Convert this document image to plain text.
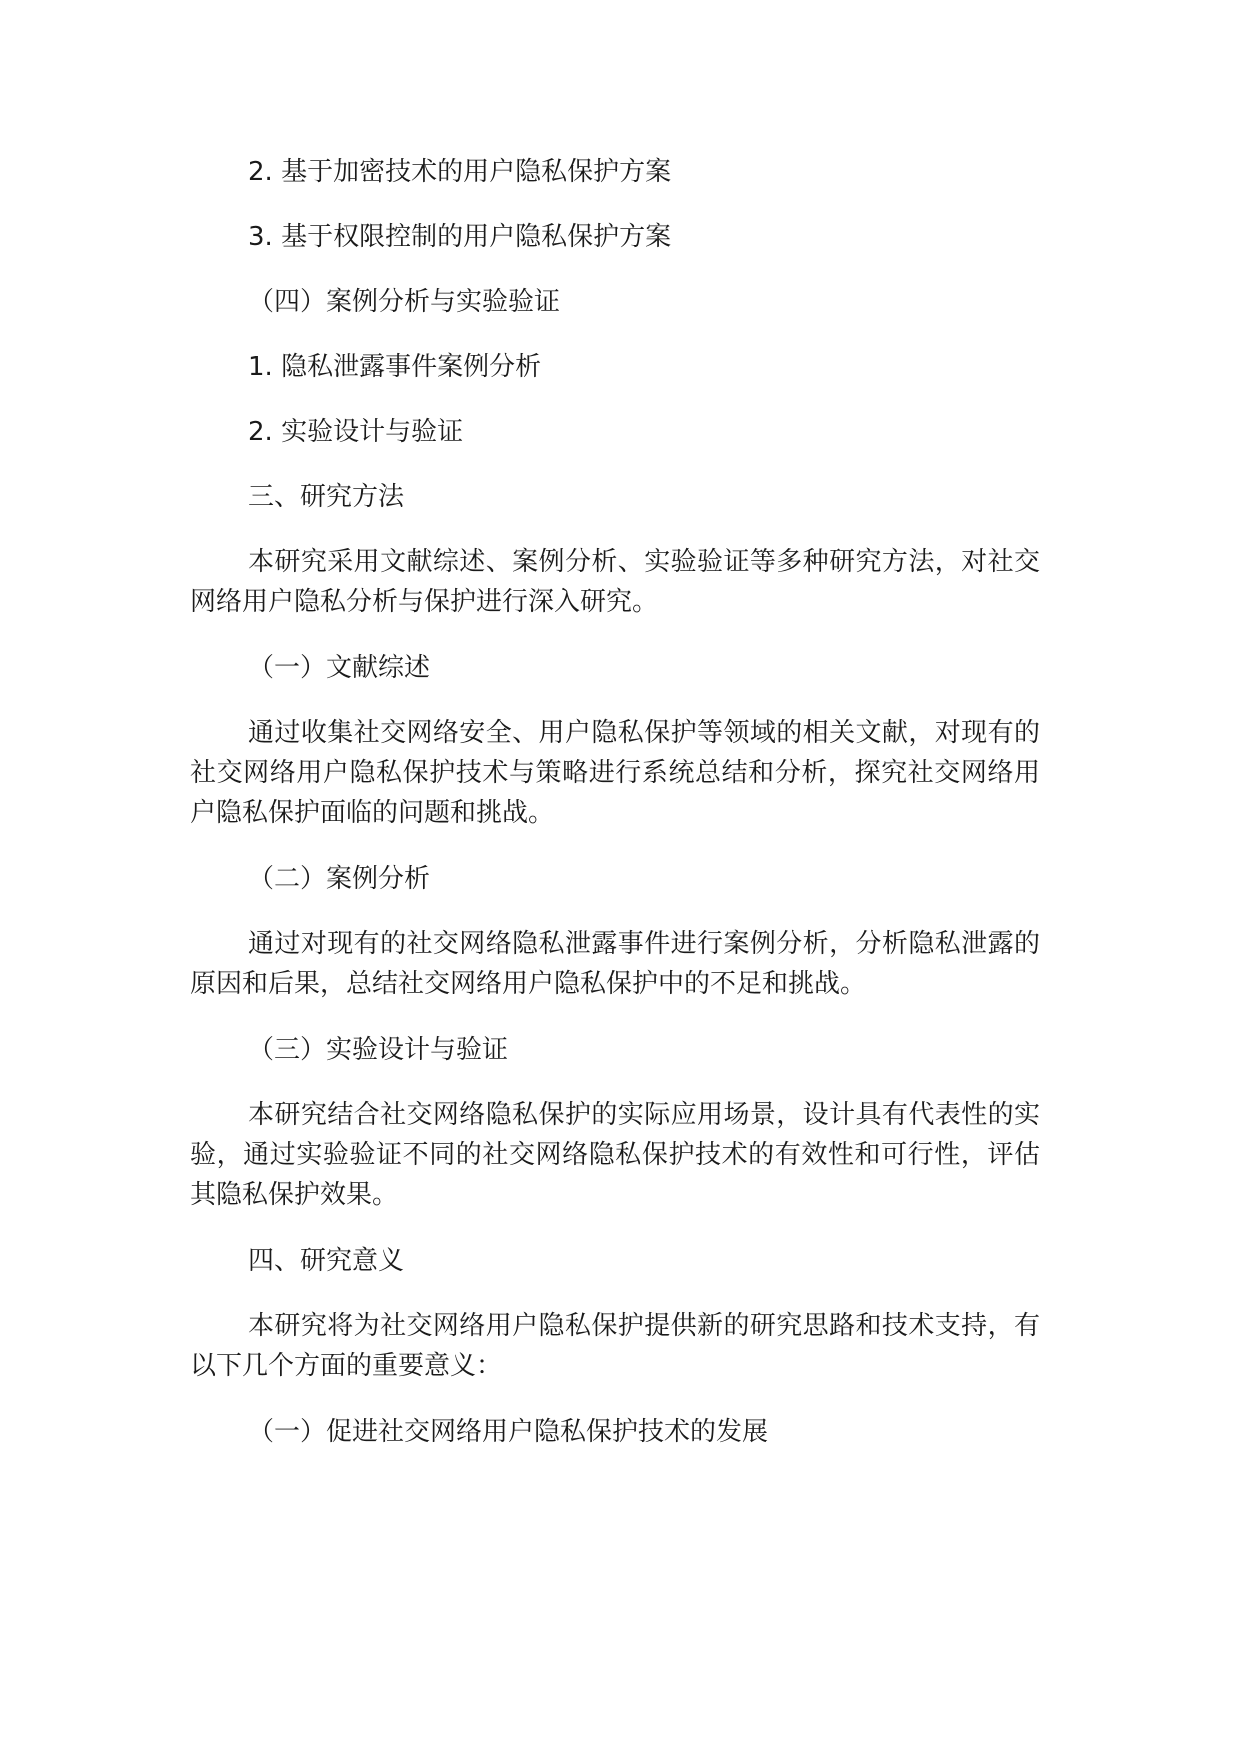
2. 基于加密技术的用户隐私保护方案

3. 基于权限控制的用户隐私保护方案

（四）案例分析与实验验证

1. 隐私泄露事件案例分析

2. 实验设计与验证

三、研究方法

本研究采用文献综述、案例分析、实验验证等多种研究方法，对社交网络用户隐私分析与保护进行深入研究。

（一）文献综述

通过收集社交网络安全、用户隐私保护等领域的相关文献，对现有的社交网络用户隐私保护技术与策略进行系统总结和分析，探究社交网络用户隐私保护面临的问题和挑战。

（二）案例分析

通过对现有的社交网络隐私泄露事件进行案例分析，分析隐私泄露的原因和后果，总结社交网络用户隐私保护中的不足和挑战。

（三）实验设计与验证

本研究结合社交网络隐私保护的实际应用场景，设计具有代表性的实验，通过实验验证不同的社交网络隐私保护技术的有效性和可行性，评估其隐私保护效果。

四、研究意义

本研究将为社交网络用户隐私保护提供新的研究思路和技术支持，有以下几个方面的重要意义：

（一）促进社交网络用户隐私保护技术的发展
